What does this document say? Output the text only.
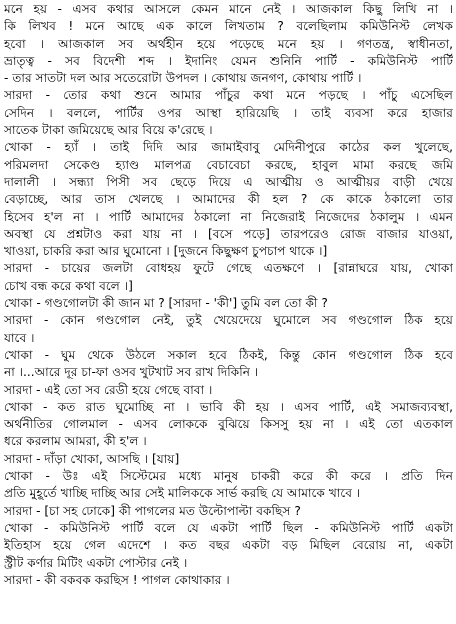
মনে হয় - এসব কথার আসলে কেমন মানে নেই । আজকাল কিছু লিখি না ।
কি লিখব ! মনে আছে এক কালে লিখতাম ? বলেছিলাম কমিউনিস্ট লেখক
হবো । আজকাল সব অর্থহীন হয়ে পড়েছে মনে হয় । গণতন্ত্র, স্বাধীনতা,
ভ্রাতৃত্ব - সব বিদেশী শব্দ । ইদানিং যেমন শুনিনি পার্টি - কমিউনিস্ট পার্টি
- তার সাতটা দল আর সতেরোটা উপদল । কোথায় জনগণ, কোথায় পার্টি ।
সারদা - তোর কথা শুনে আমার পাঁচুর কথা মনে পড়ছে । পাঁচু এসেছিল
সেদিন । বললে, পার্টির ওপর আস্থা হারিয়েছি । তাই ব্যবসা করে হাজার
সাতেক টাকা জমিয়েছে আর বিয়ে ক'রেছে ।
খোকা - হ্যাঁ । তাই দিদি আর জামাইবাবু মেদিনীপুরে কাঠের কল খুলেছে,
পরিমলদা সেকেণ্ড হ্যাণ্ড মালপত্র বেচাবেচা করছে, হাবুল মামা করছে জমি
দালালী । সন্ধ্যা পিসী সব ছেড়ে দিয়ে এ আত্মীয় ও আত্মীয়র বাড়ী খেয়ে
বেড়াচ্ছে, আর তাস খেলছে । আমাদের কী হল ? কে কাকে ঠকালো তার
হিসেব হ'ল না । পার্টি আমাদের ঠকালো না নিজেরাই নিজেদের ঠকালুম । এমন
অবস্থা যে প্রশ্নটাও করা যায় না । [বসে পড়ে] তারপরেও রোজ বাজার যাওয়া,
খাওয়া, চাকরি করা আর ঘুমোনো । [দুজনে কিছুক্ষণ চুপচাপ থাকে ।]
সারদা - চায়ের জলটা বোধহয় ফুটে গেছে এতক্ষণে । [রান্নাঘরে যায়, খোকা
চোখ বন্ধ করে কথা বলে ।]
খোকা - গণ্ডগোলটা কী জান মা ? [সারদা - 'কী'] তুমি বল তো কী ?
সারদা - কোন গণ্ডগোল নেই, তুই খেয়েদেয়ে ঘুমোলে সব গণ্ডগোল ঠিক হয়ে
যাবে ।
খোকা - ঘুম থেকে উঠলে সকাল হবে ঠিকই, কিন্তু কোন গণ্ডগোল ঠিক হবে
না ।...আরে দূর চা-ফা ওসব খুটখাট সব রাখ দিকিনি ।
সারদা - এই তো সব রেডী হয়ে গেছে বাবা ।
খোকা - কত রাত ঘুমোচ্ছি না । ভাবি কী হয় । এসব পার্টি, এই সমাজব্যবস্থা,
অর্থনীতির গোলমাল - এসব লোককে বুঝিয়ে কিসসু হয় না । এই তো এতকাল
ধরে করলাম আমরা, কী হ'ল ।
সারদা - দাঁড়া খোকা, আসছি । [যায়]
খোকা - উঃ এই সিস্টেমের মধ্যে মানুষ চাকরী করে কী করে । প্রতি দিন
প্রতি মুহূর্তে খাচ্ছি দাচ্ছি আর সেই মালিককে সার্ভ করছি যে আমাকে খাবে ।
সারদা - [চা সহ ঢোকে] কী পাগলের মত উল্টোপাল্টা বকছিস ?
খোকা - কমিউনিস্ট পার্টি বলে যে একটা পার্টি ছিল - কমিউনিস্ট পার্টি একটা
ইতিহাস হয়ে গেল এদেশে । কত বছর একটা বড় মিছিল বেরোয় না, একটা
স্ট্রীট কর্ণার মিটিং একটা পোস্টার নেই ।
সারদা - কী বকবক করছিস ! পাগল কোথাকার ।
